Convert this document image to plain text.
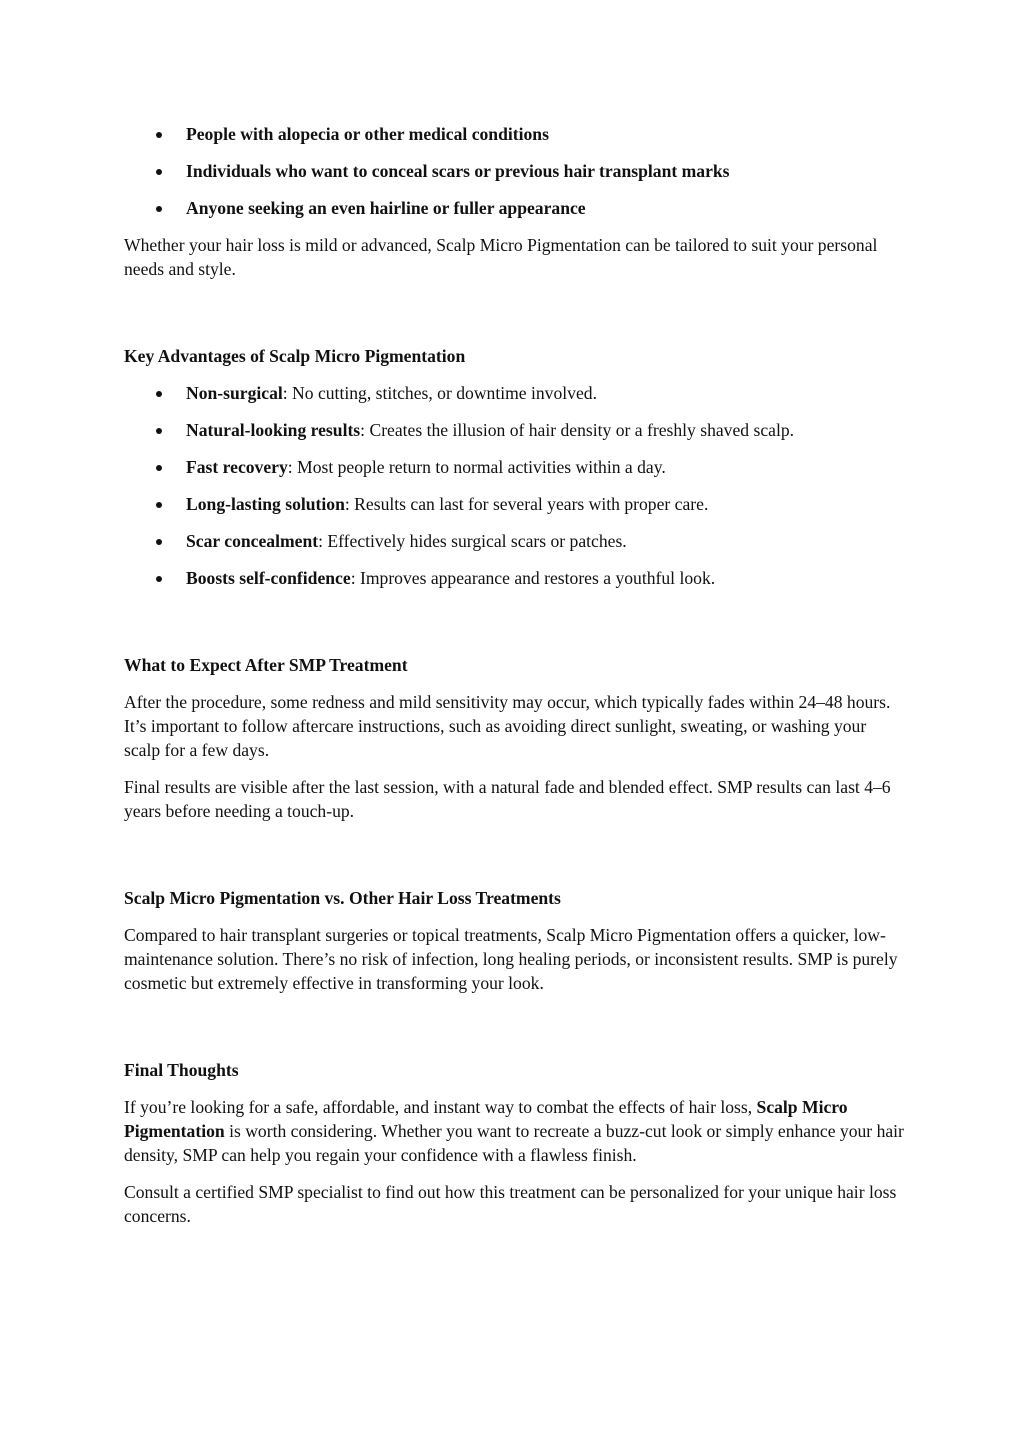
People with alopecia or other medical conditions
Individuals who want to conceal scars or previous hair transplant marks
Anyone seeking an even hairline or fuller appearance

Whether your hair loss is mild or advanced, Scalp Micro Pigmentation can be tailored to suit your personal needs and style.

Key Advantages of Scalp Micro Pigmentation
Non-surgical: No cutting, stitches, or downtime involved.
Natural-looking results: Creates the illusion of hair density or a freshly shaved scalp.
Fast recovery: Most people return to normal activities within a day.
Long-lasting solution: Results can last for several years with proper care.
Scar concealment: Effectively hides surgical scars or patches.
Boosts self-confidence: Improves appearance and restores a youthful look.
What to Expect After SMP Treatment

After the procedure, some redness and mild sensitivity may occur, which typically fades within 24–48 hours. It’s important to follow aftercare instructions, such as avoiding direct sunlight, sweating, or washing your scalp for a few days.

Final results are visible after the last session, with a natural fade and blended effect. SMP results can last 4–6 years before needing a touch-up.

Scalp Micro Pigmentation vs. Other Hair Loss Treatments

Compared to hair transplant surgeries or topical treatments, Scalp Micro Pigmentation offers a quicker, low-maintenance solution. There’s no risk of infection, long healing periods, or inconsistent results. SMP is purely cosmetic but extremely effective in transforming your look.

Final Thoughts

If you’re looking for a safe, affordable, and instant way to combat the effects of hair loss, Scalp Micro Pigmentation is worth considering. Whether you want to recreate a buzz-cut look or simply enhance your hair density, SMP can help you regain your confidence with a flawless finish.

Consult a certified SMP specialist to find out how this treatment can be personalized for your unique hair loss concerns.
